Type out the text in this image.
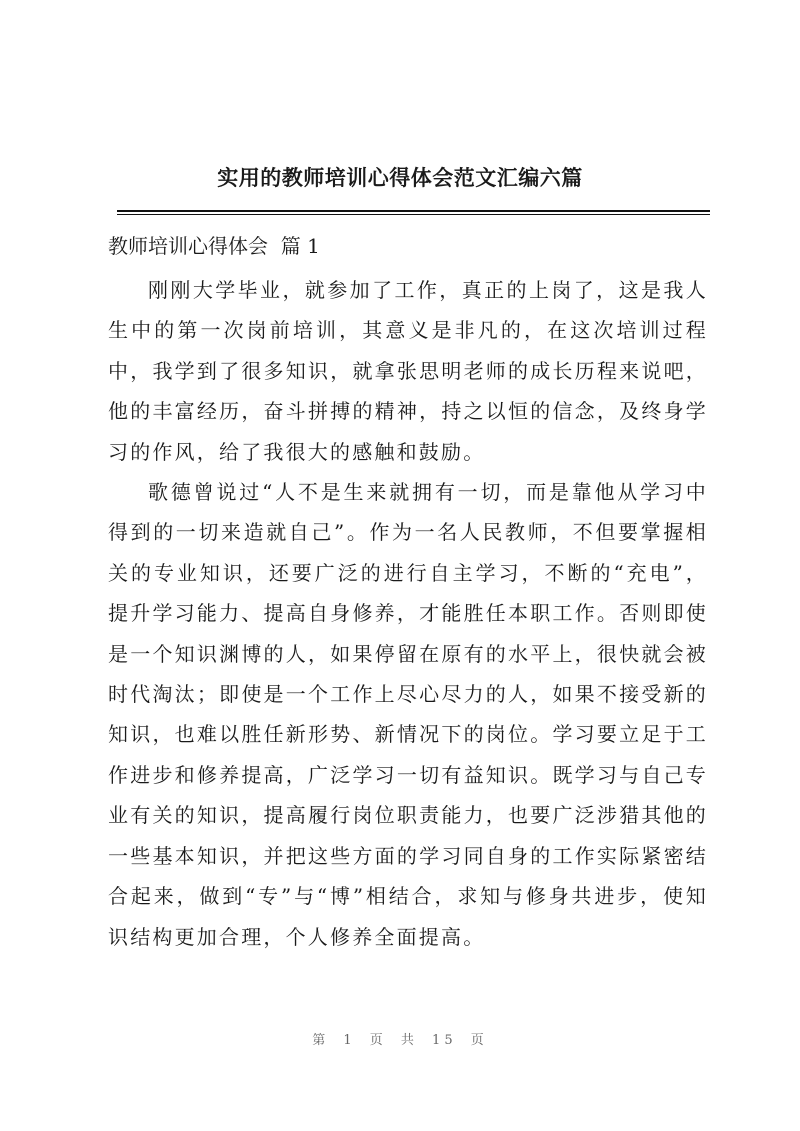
实用的教师培训心得体会范文汇编六篇
教师培训心得体会  篇 1

刚刚大学毕业，就参加了工作，真正的上岗了，这是我人生中的第一次岗前培训，其意义是非凡的，在这次培训过程中，我学到了很多知识，就拿张思明老师的成长历程来说吧，他的丰富经历，奋斗拼搏的精神，持之以恒的信念，及终身学习的作风，给了我很大的感触和鼓励。

歌德曾说过“人不是生来就拥有一切，而是靠他从学习中得到的一切来造就自己”。作为一名人民教师，不但要掌握相关的专业知识，还要广泛的进行自主学习，不断的“充电”，提升学习能力、提高自身修养，才能胜任本职工作。否则即使是一个知识渊博的人，如果停留在原有的水平上，很快就会被时代淘汰；即使是一个工作上尽心尽力的人，如果不接受新的知识，也难以胜任新形势、新情况下的岗位。学习要立足于工作进步和修养提高，广泛学习一切有益知识。既学习与自己专业有关的知识，提高履行岗位职责能力，也要广泛涉猎其他的一些基本知识，并把这些方面的学习同自身的工作实际紧密结合起来，做到“专”与“博”相结合，求知与修身共进步，使知识结构更加合理，个人修养全面提高。

第 1 页 共 15 页
